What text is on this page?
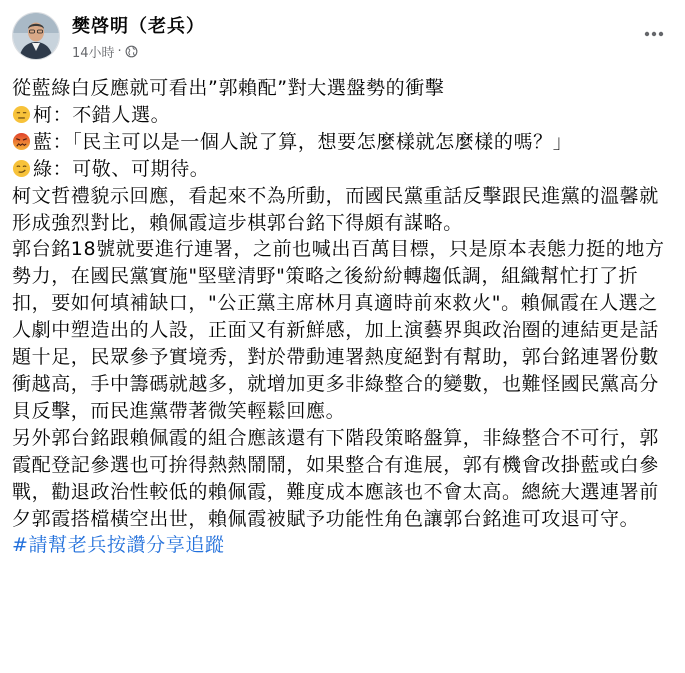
樊啓明（老兵）
14小時 ·
從藍綠白反應就可看出”郭賴配”對大選盤勢的衝擊
柯：不錯人選。
藍：「民主可以是一個人說了算，想要怎麼樣就怎麼樣的嗎？」
綠：可敬、可期待。
柯文哲禮貌示回應，看起來不為所動，而國民黨重話反擊跟民進黨的溫馨就形成強烈對比，賴佩霞這步棋郭台銘下得頗有謀略。
郭台銘18號就要進行連署，之前也喊出百萬目標，只是原本表態力挺的地方勢力，在國民黨實施"堅壁清野"策略之後紛紛轉趨低調，組織幫忙打了折扣，要如何填補缺口，"公正黨主席林月真適時前來救火"。賴佩霞在人選之人劇中塑造出的人設，正面又有新鮮感，加上演藝界與政治圈的連結更是話題十足，民眾參予實境秀，對於帶動連署熱度絕對有幫助，郭台銘連署份數衝越高，手中籌碼就越多，就增加更多非綠整合的變數，也難怪國民黨高分貝反擊，而民進黨帶著微笑輕鬆回應。
另外郭台銘跟賴佩霞的組合應該還有下階段策略盤算，非綠整合不可行，郭霞配登記參選也可拚得熱熱鬧鬧，如果整合有進展，郭有機會改掛藍或白參戰，勸退政治性較低的賴佩霞，難度成本應該也不會太高。總統大選連署前夕郭霞搭檔橫空出世，賴佩霞被賦予功能性角色讓郭台銘進可攻退可守。
#請幫老兵按讚分享追蹤
